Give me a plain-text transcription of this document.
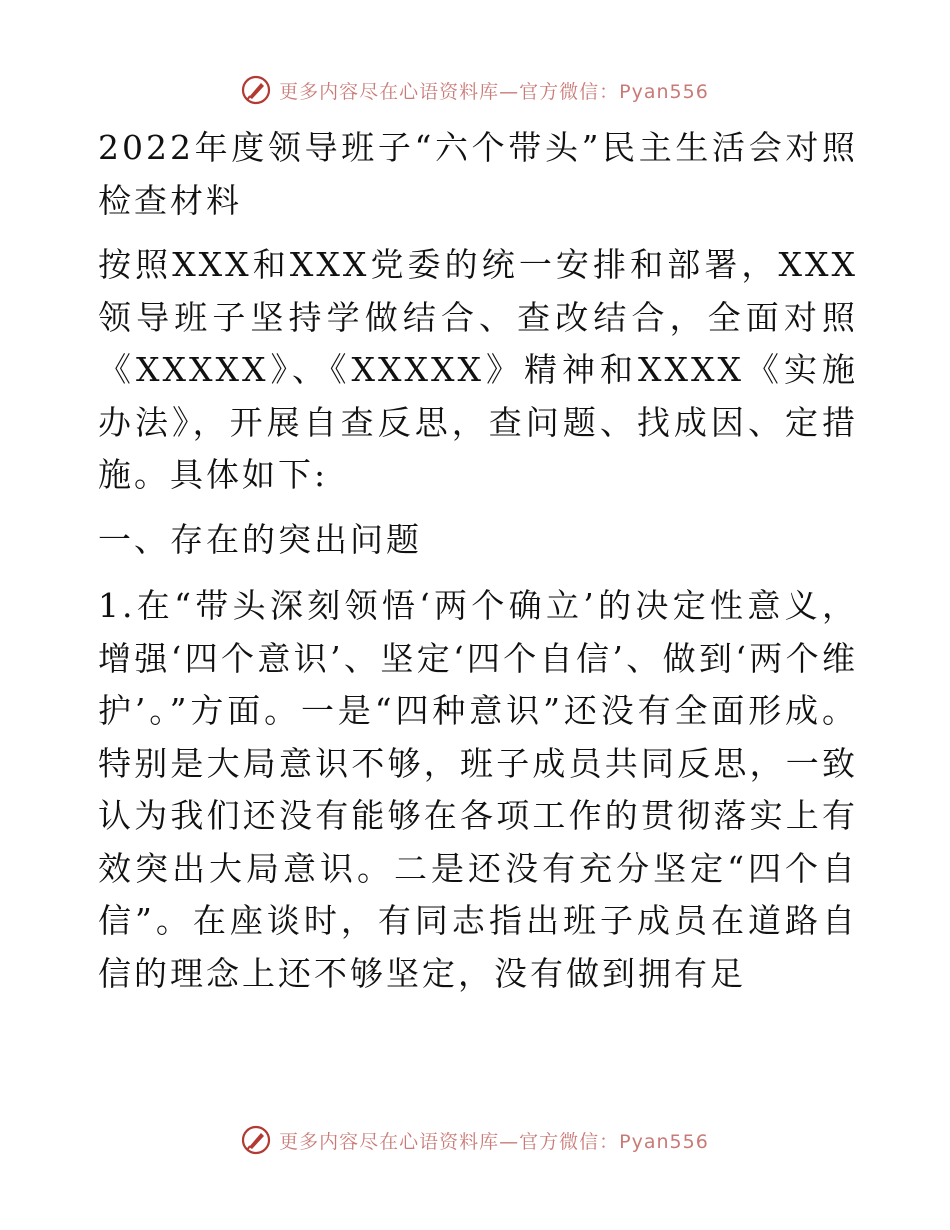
更多内容尽在心语资料库—官方微信：Pyan556

2022年度领导班子“六个带头”民主生活会对照检查材料

按照XXX和XXX党委的统一安排和部署，XXX领导班子坚持学做结合、查改结合，全面对照《XXXXX》、《XXXXX》精神和XXXX《实施办法》，开展自查反思，查问题、找成因、定措施。具体如下:

一、存在的突出问题

1.在“带头深刻领悟‘两个确立’的决定性意义，增强‘四个意识’、坚定‘四个自信’、做到‘两个维护’。”方面。一是“四种意识”还没有全面形成。特别是大局意识不够，班子成员共同反思，一致认为我们还没有能够在各项工作的贯彻落实上有效突出大局意识。二是还没有充分坚定“四个自信”。在座谈时，有同志指出班子成员在道路自信的理念上还不够坚定，没有做到拥有足

更多内容尽在心语资料库—官方微信：Pyan556
